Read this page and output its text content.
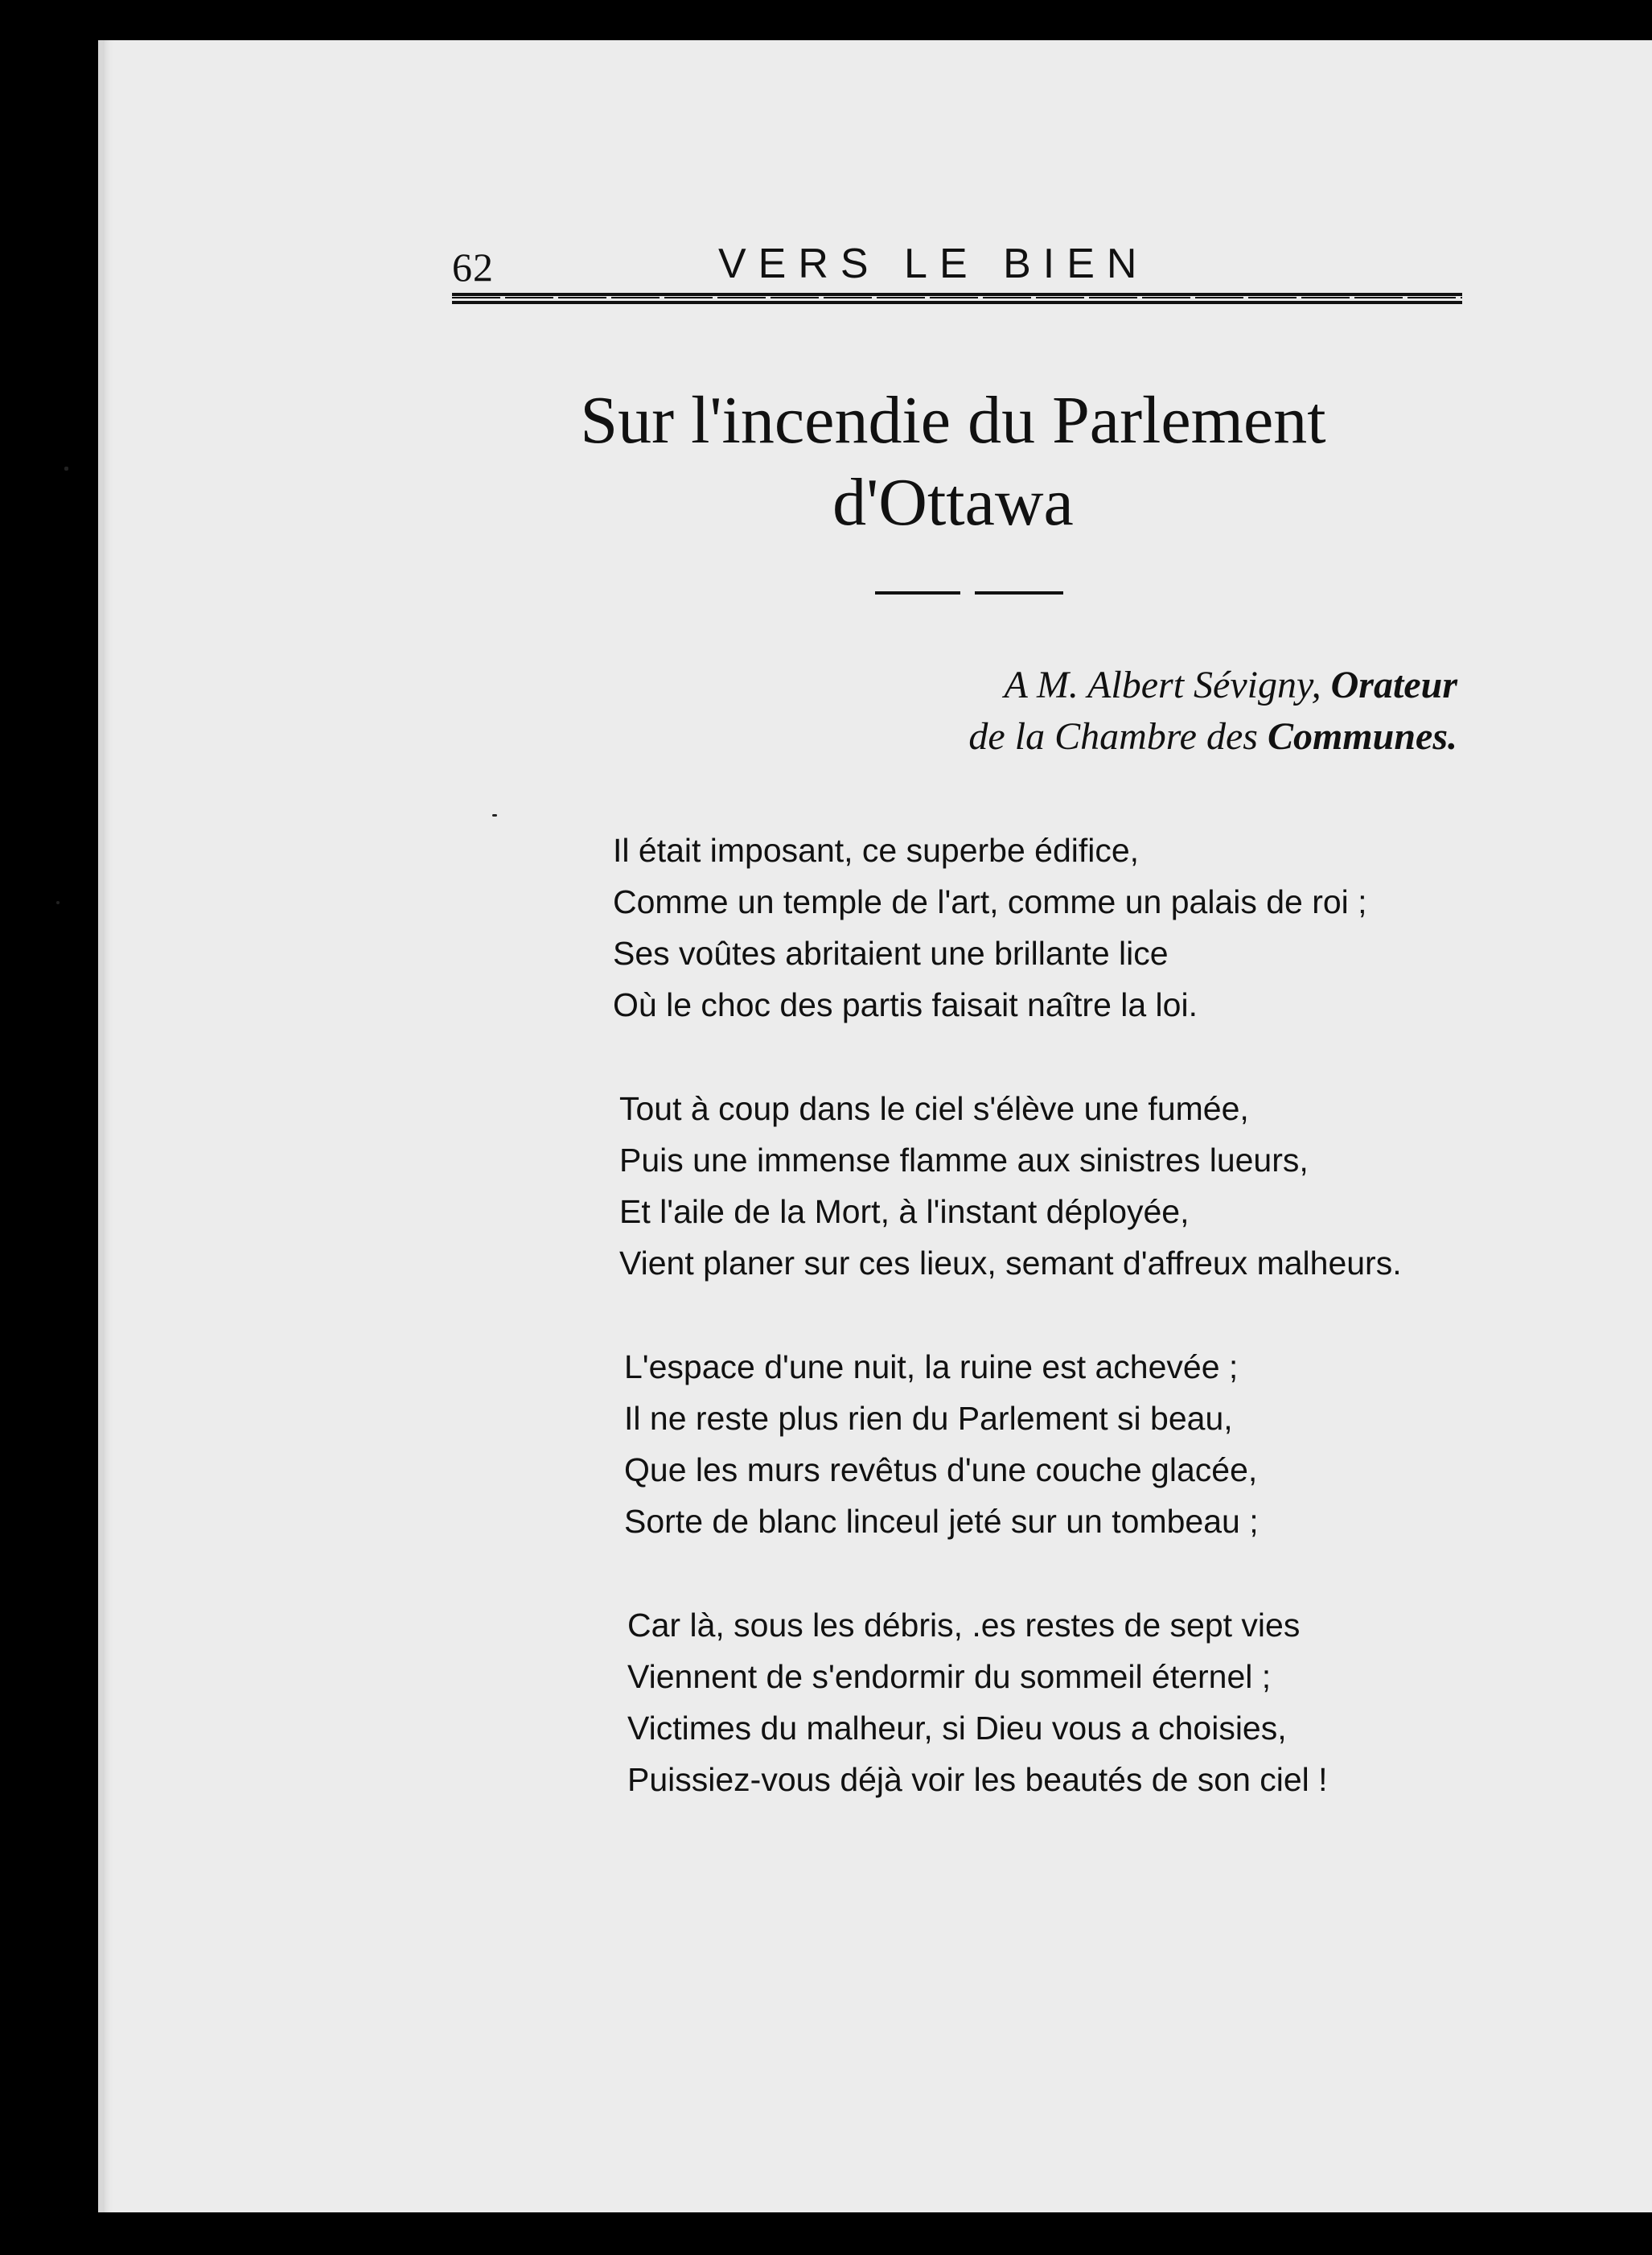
62	VERS LE BIEN
Sur l'incendie du Parlement
d'Ottawa
A M. Albert Sévigny, Orateur
de la Chambre des Communes.
Il était imposant, ce superbe édifice,
Comme un temple de l'art, comme un palais de roi ;
Ses voûtes abritaient une brillante lice
Où le choc des partis faisait naître la loi.
Tout à coup dans le ciel s'élève une fumée,
Puis une immense flamme aux sinistres lueurs,
Et l'aile de la Mort, à l'instant déployée,
Vient planer sur ces lieux, semant d'affreux malheurs.
L'espace d'une nuit, la ruine est achevée ;
Il ne reste plus rien du Parlement si beau,
Que les murs revêtus d'une couche glacée,
Sorte de blanc linceul jeté sur un tombeau ;
Car là, sous les débris, .es restes de sept vies
Viennent de s'endormir du sommeil éternel ;
Victimes du malheur, si Dieu vous a choisies,
Puissiez-vous déjà voir les beautés de son ciel !
